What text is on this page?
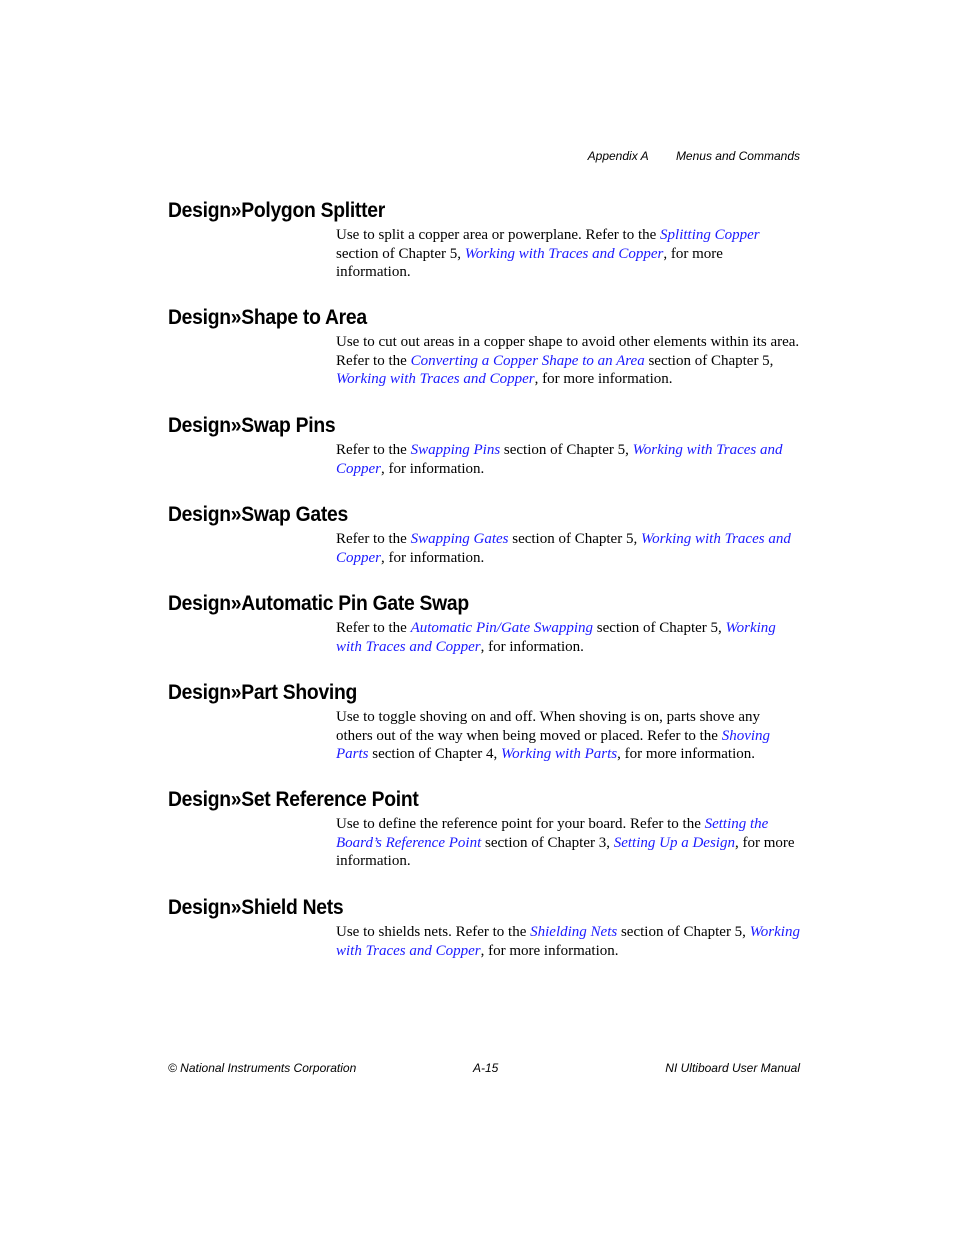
Appendix A Menus and Commands
Design»Polygon Splitter

Use to split a copper area or powerplane. Refer to the Splitting Copper section of Chapter 5, Working with Traces and Copper, for more information.

Design»Shape to Area

Use to cut out areas in a copper shape to avoid other elements within its area. Refer to the Converting a Copper Shape to an Area section of Chapter 5, Working with Traces and Copper, for more information.

Design»Swap Pins

Refer to the Swapping Pins section of Chapter 5, Working with Traces and Copper, for information.

Design»Swap Gates

Refer to the Swapping Gates section of Chapter 5, Working with Traces and Copper, for information.

Design»Automatic Pin Gate Swap

Refer to the Automatic Pin/Gate Swapping section of Chapter 5, Working with Traces and Copper, for information.

Design»Part Shoving

Use to toggle shoving on and off. When shoving is on, parts shove any others out of the way when being moved or placed. Refer to the Shoving Parts section of Chapter 4, Working with Parts, for more information.

Design»Set Reference Point

Use to define the reference point for your board. Refer to the Setting the Board’s Reference Point section of Chapter 3, Setting Up a Design, for more information.

Design»Shield Nets

Use to shields nets. Refer to the Shielding Nets section of Chapter 5, Working with Traces and Copper, for more information.

© National Instruments Corporation	A-15	NI Ultiboard User Manual
